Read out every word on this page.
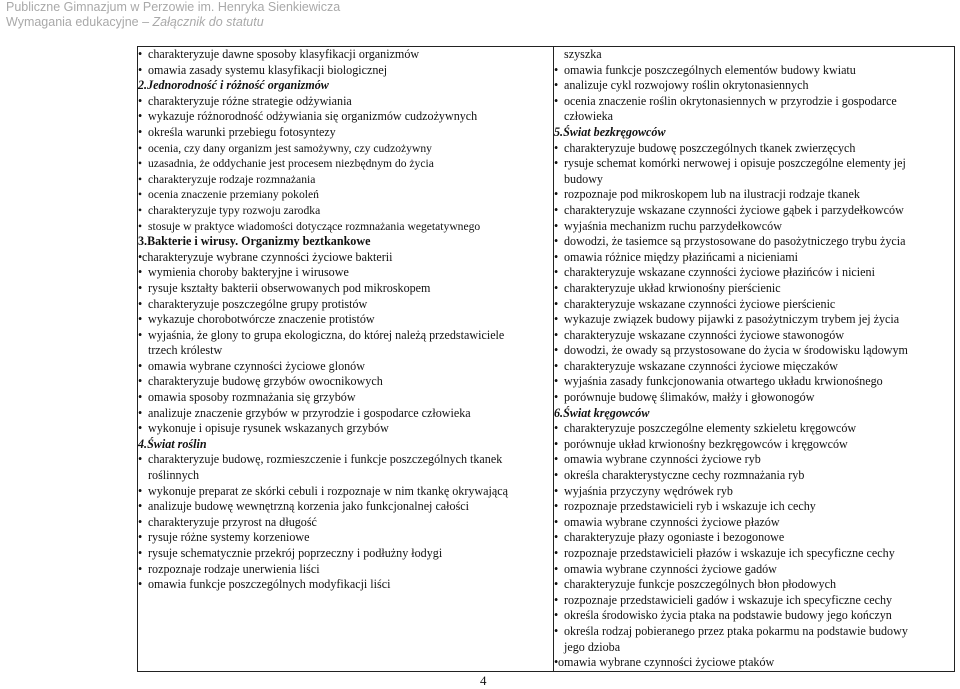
Publiczne Gimnazjum w Perzowie im. Henryka Sienkiewicza
Wymagania edukacyjne – Załącznik do statutu
• charakteryzuje dawne sposoby klasyfikacji organizmów
• omawia zasady systemu klasyfikacji biologicznej
2.Jednorodność i różność organizmów
• charakteryzuje różne strategie odżywiania
• wykazuje różnorodność odżywiania się organizmów cudzożywnych
• określa warunki przebiegu fotosyntezy
• ocenia, czy dany organizm jest samożywny, czy cudzożywny
• uzasadnia, że oddychanie jest procesem niezbędnym do życia
• charakteryzuje rodzaje rozmnażania
• ocenia znaczenie przemiany pokoleń
• charakteryzuje typy rozwoju zarodka
• stosuje w praktyce wiadomości dotyczące rozmnażania wegetatywnego
3.Bakterie i wirusy. Organizmy beztkankowe
• charakteryzuje wybrane czynności życiowe bakterii
• wymienia choroby bakteryjne i wirusowe
• rysuje kształty bakterii obserwowanych pod mikroskopem
• charakteryzuje poszczególne grupy protistów
• wykazuje chorobotwórcze znaczenie protistów
• wyjaśnia, że glony to grupa ekologiczna, do której należą przedstawiciele
trzech królestw
• omawia wybrane czynności życiowe glonów
• charakteryzuje budowę grzybów owocnikowych
• omawia sposoby rozmnażania się grzybów
• analizuje znaczenie grzybów w przyrodzie i gospodarce człowieka
• wykonuje i opisuje rysunek wskazanych grzybów
4.Świat roślin
• charakteryzuje budowę, rozmieszczenie i funkcje poszczególnych tkanek
roślinnych
• wykonuje preparat ze skórki cebuli i rozpoznaje w nim tkankę okrywającą
• analizuje budowę wewnętrzną korzenia jako funkcjonalnej całości
• charakteryzuje przyrost na długość
• rysuje różne systemy korzeniowe
• rysuje schematycznie przekrój poprzeczny i podłużny łodygi
• rozpoznaje rodzaje unerwienia liści
• omawia funkcje poszczególnych modyfikacji liści

szyszka
• omawia funkcje poszczególnych elementów budowy kwiatu
• analizuje cykl rozwojowy roślin okrytonasiennych
• ocenia znaczenie roślin okrytonasiennych w przyrodzie i gospodarce
człowieka
5.Świat bezkręgowców
• charakteryzuje budowę poszczególnych tkanek zwierzęcych
• rysuje schemat komórki nerwowej i opisuje poszczególne elementy jej
budowy
• rozpoznaje pod mikroskopem lub na ilustracji rodzaje tkanek
• charakteryzuje wskazane czynności życiowe gąbek i parzydełkowców
• wyjaśnia mechanizm ruchu parzydełkowców
• dowodzi, że tasiemce są przystosowane do pasożytniczego trybu życia
• omawia różnice między płazińcami a nicieniami
• charakteryzuje wskazane czynności życiowe płazińców i nicieni
• charakteryzuje układ krwionośny pierścienic
• charakteryzuje wskazane czynności życiowe pierścienic
• wykazuje związek budowy pijawki z pasożytniczym trybem jej życia
• charakteryzuje wskazane czynności życiowe stawonogów
• dowodzi, że owady są przystosowane do życia w środowisku lądowym
• charakteryzuje wskazane czynności życiowe mięczaków
• wyjaśnia zasady funkcjonowania otwartego układu krwionośnego
• porównuje budowę ślimaków, małży i głowonogów
6.Świat kręgowców
• charakteryzuje poszczególne elementy szkieletu kręgowców
• porównuje układ krwionośny bezkręgowców i kręgowców
• omawia wybrane czynności życiowe ryb
• określa charakterystyczne cechy rozmnażania ryb
• wyjaśnia przyczyny wędrówek ryb
• rozpoznaje przedstawicieli ryb i wskazuje ich cechy
• omawia wybrane czynności życiowe płazów
• charakteryzuje płazy ogoniaste i bezogonowe
• rozpoznaje przedstawicieli płazów i wskazuje ich specyficzne cechy
• omawia wybrane czynności życiowe gadów
• charakteryzuje funkcje poszczególnych błon płodowych
• rozpoznaje przedstawicieli gadów i wskazuje ich specyficzne cechy
• określa środowisko życia ptaka na podstawie budowy jego kończyn
• określa rodzaj pobieranego przez ptaka pokarmu na podstawie budowy
jego dzioba
• omawia wybrane czynności życiowe ptaków
4
